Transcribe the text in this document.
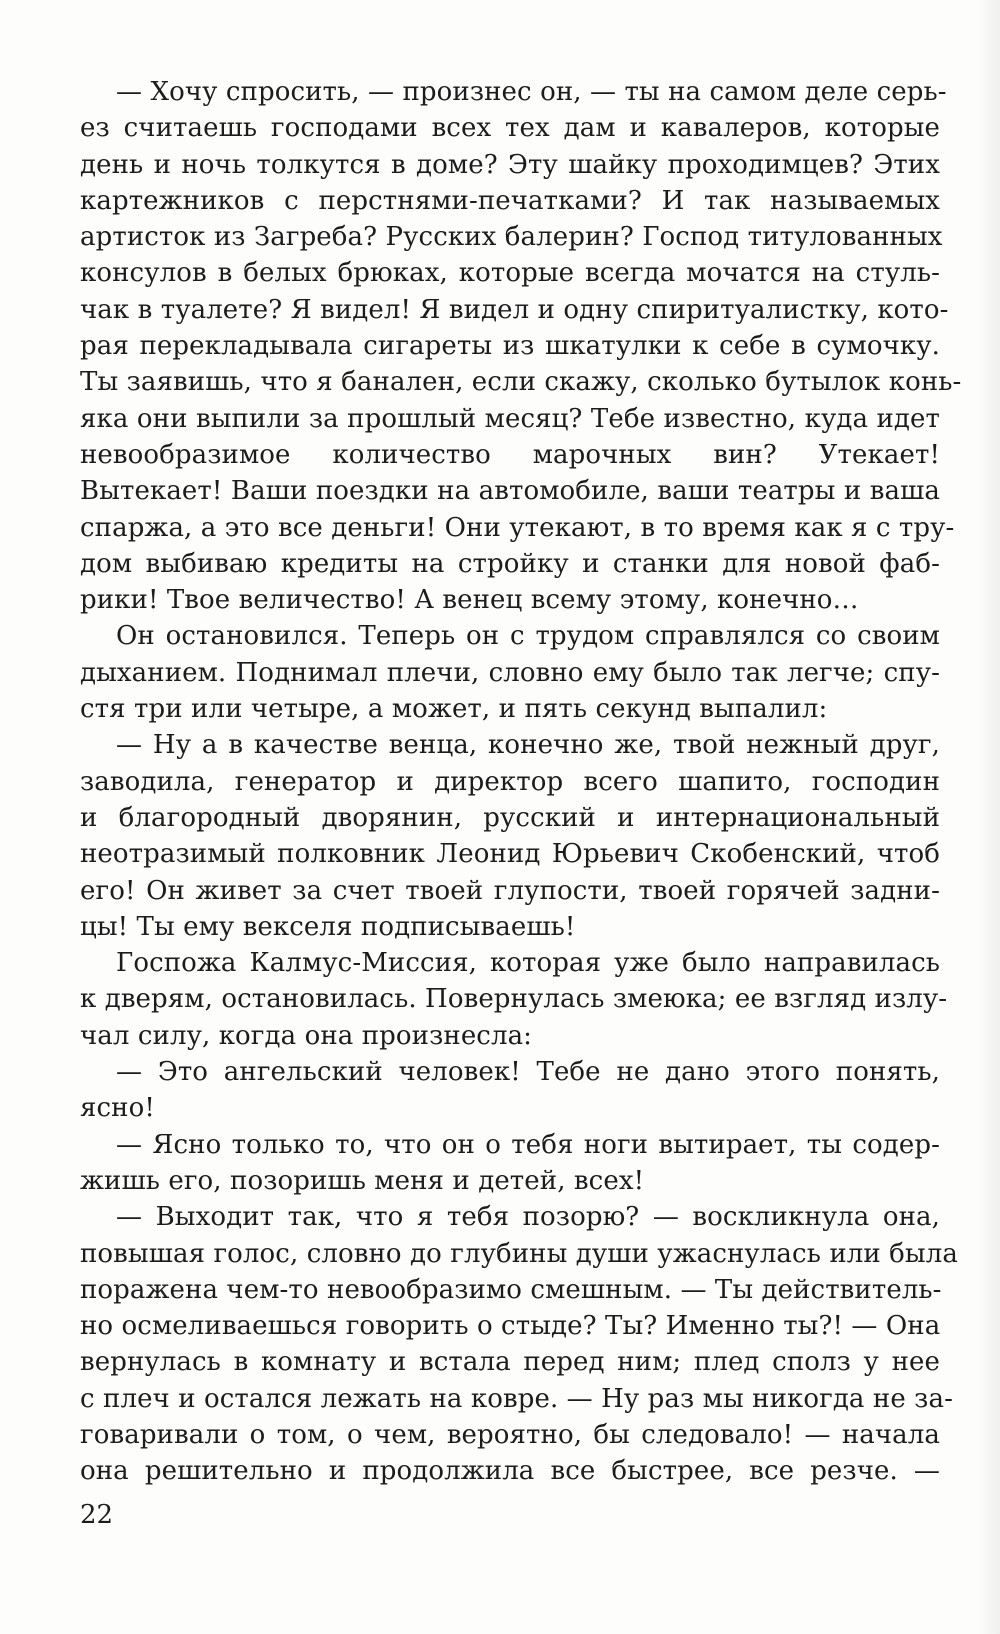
— Хочу спросить, — произнес он, — ты на самом деле серь-
ез считаешь господами всех тех дам и кавалеров, которые
день и ночь толкутся в доме? Эту шайку проходимцев? Этих
картежников с перстнями-печатками? И так называемых
артисток из Загреба? Русских балерин? Господ титулованных
консулов в белых брюках, которые всегда мочатся на стуль-
чак в туалете? Я видел! Я видел и одну спиритуалистку, кото-
рая перекладывала сигареты из шкатулки к себе в сумочку.
Ты заявишь, что я банален, если скажу, сколько бутылок конь-
яка они выпили за прошлый месяц? Тебе известно, куда идет
невообразимое количество марочных вин? Утекает!
Вытекает! Ваши поездки на автомобиле, ваши театры и ваша
спаржа, а это все деньги! Они утекают, в то время как я с тру-
дом выбиваю кредиты на стройку и станки для новой фаб-
рики! Твое величество! А венец всему этому, конечно…
Он остановился. Теперь он с трудом справлялся со своим
дыханием. Поднимал плечи, словно ему было так легче; спу-
стя три или четыре, а может, и пять секунд выпалил:
— Ну а в качестве венца, конечно же, твой нежный друг,
заводила, генератор и директор всего шапито, господин
и благородный дворянин, русский и интернациональный
неотразимый полковник Леонид Юрьевич Скобенский, чтоб
его! Он живет за счет твоей глупости, твоей горячей задни-
цы! Ты ему векселя подписываешь!
Госпожа Калмус-Миссия, которая уже было направилась
к дверям, остановилась. Повернулась змеюка; ее взгляд излу-
чал силу, когда она произнесла:
— Это ангельский человек! Тебе не дано этого понять,
ясно!
— Ясно только то, что он о тебя ноги вытирает, ты содер-
жишь его, позоришь меня и детей, всех!
— Выходит так, что я тебя позорю? — воскликнула она,
повышая голос, словно до глубины души ужаснулась или была
поражена чем-то невообразимо смешным. — Ты действитель-
но осмеливаешься говорить о стыде? Ты? Именно ты?! — Она
вернулась в комнату и встала перед ним; плед сполз у нее
с плеч и остался лежать на ковре. — Ну раз мы никогда не за-
говаривали о том, о чем, вероятно, бы следовало! — начала
она решительно и продолжила все быстрее, все резче. —
22
